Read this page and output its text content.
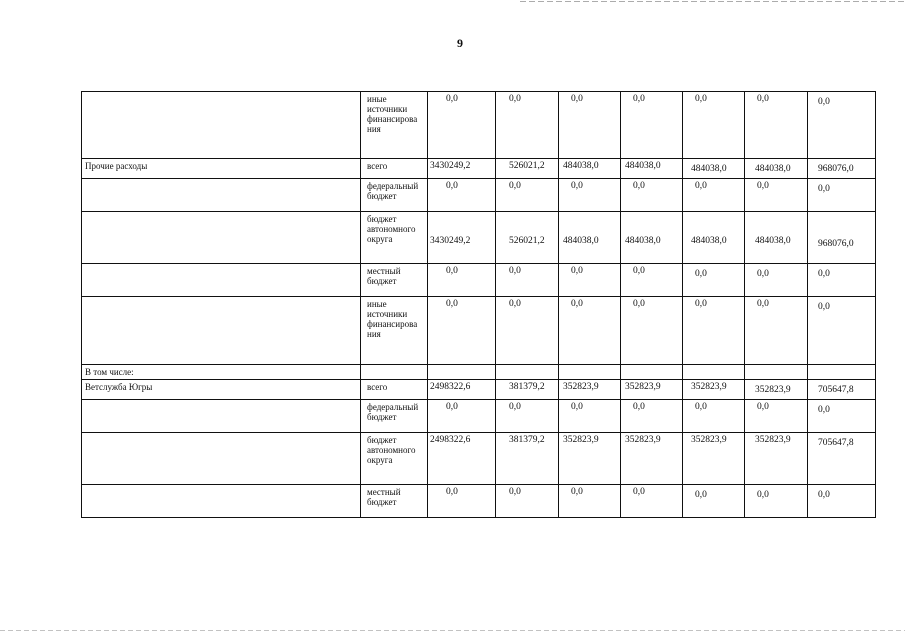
9
	иные
источники
финансирова
ния	0,0	0,0	0,0	0,0	0,0	0,0	0,0
Прочие расходы	всего	3430249,2	526021,2	484038,0	484038,0	484038,0	484038,0	968076,0
	федеральный
бюджет	0,0	0,0	0,0	0,0	0,0	0,0	0,0
	бюджет
автономного
округа	3430249,2	526021,2	484038,0	484038,0	484038,0	484038,0	968076,0
	местный
бюджет	0,0	0,0	0,0	0,0	0,0	0,0	0,0
	иные
источники
финансирова
ния	0,0	0,0	0,0	0,0	0,0	0,0	0,0
В том числе:								
Ветслужба Югры	всего	2498322,6	381379,2	352823,9	352823,9	352823,9	352823,9	705647,8
	федеральный
бюджет	0,0	0,0	0,0	0,0	0,0	0,0	0,0
	бюджет
автономного
округа	2498322,6	381379,2	352823,9	352823,9	352823,9	352823,9	705647,8
	местный
бюджет	0,0	0,0	0,0	0,0	0,0	0,0	0,0
